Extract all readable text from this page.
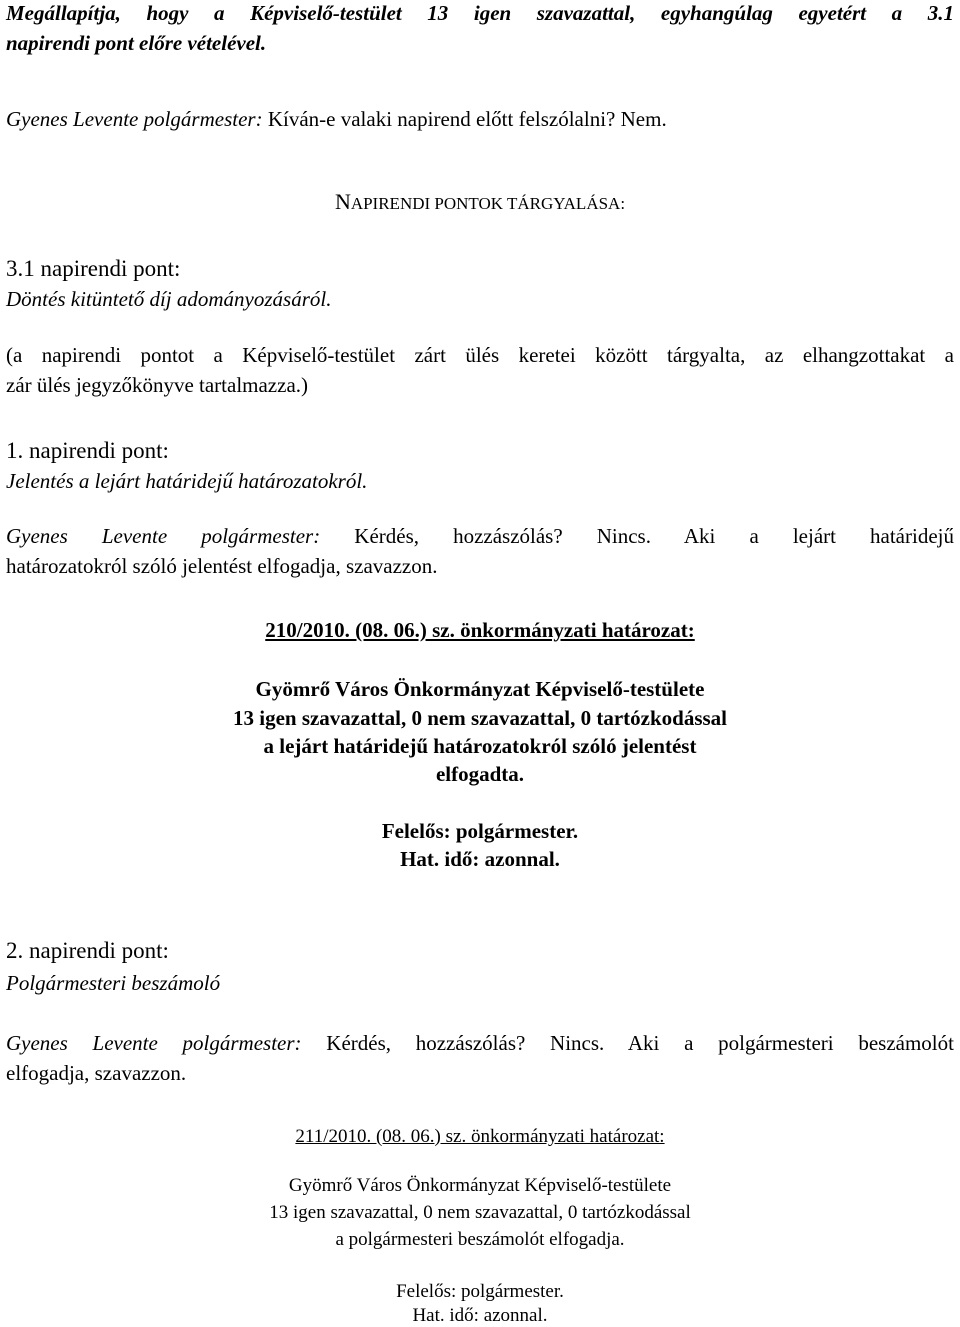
Megállapítja, hogy a Képviselő-testület 13 igen szavazattal, egyhangúlag egyetért a 3.1
napirendi pont előre vételével.
Gyenes Levente polgármester: Kíván-e valaki napirend előtt felszólalni? Nem.
NAPIRENDI PONTOK TÁRGYALÁSA:
3.1 napirendi pont:
Döntés kitüntető díj adományozásáról.
(a napirendi pontot a Képviselő-testület zárt ülés keretei között tárgyalta, az elhangzottakat a
zár ülés jegyzőkönyve tartalmazza.)
1. napirendi pont:
Jelentés a lejárt határidejű határozatokról.
Gyenes Levente polgármester: Kérdés, hozzászólás? Nincs. Aki a lejárt határidejű
határozatokról szóló jelentést elfogadja, szavazzon.
210/2010. (08. 06.) sz. önkormányzati határozat:
Gyömrő Város Önkormányzat Képviselő-testülete
13 igen szavazattal, 0 nem szavazattal, 0 tartózkodással
a lejárt határidejű határozatokról szóló jelentést
elfogadta.
Felelős: polgármester.
Hat. idő: azonnal.
2. napirendi pont:
Polgármesteri beszámoló
Gyenes Levente polgármester: Kérdés, hozzászólás? Nincs. Aki a polgármesteri beszámolót
elfogadja, szavazzon.
211/2010. (08. 06.) sz. önkormányzati határozat:
Gyömrő Város Önkormányzat Képviselő-testülete
13 igen szavazattal, 0 nem szavazattal, 0 tartózkodással
a polgármesteri beszámolót elfogadja.
Felelős: polgármester.
Hat. idő: azonnal.
